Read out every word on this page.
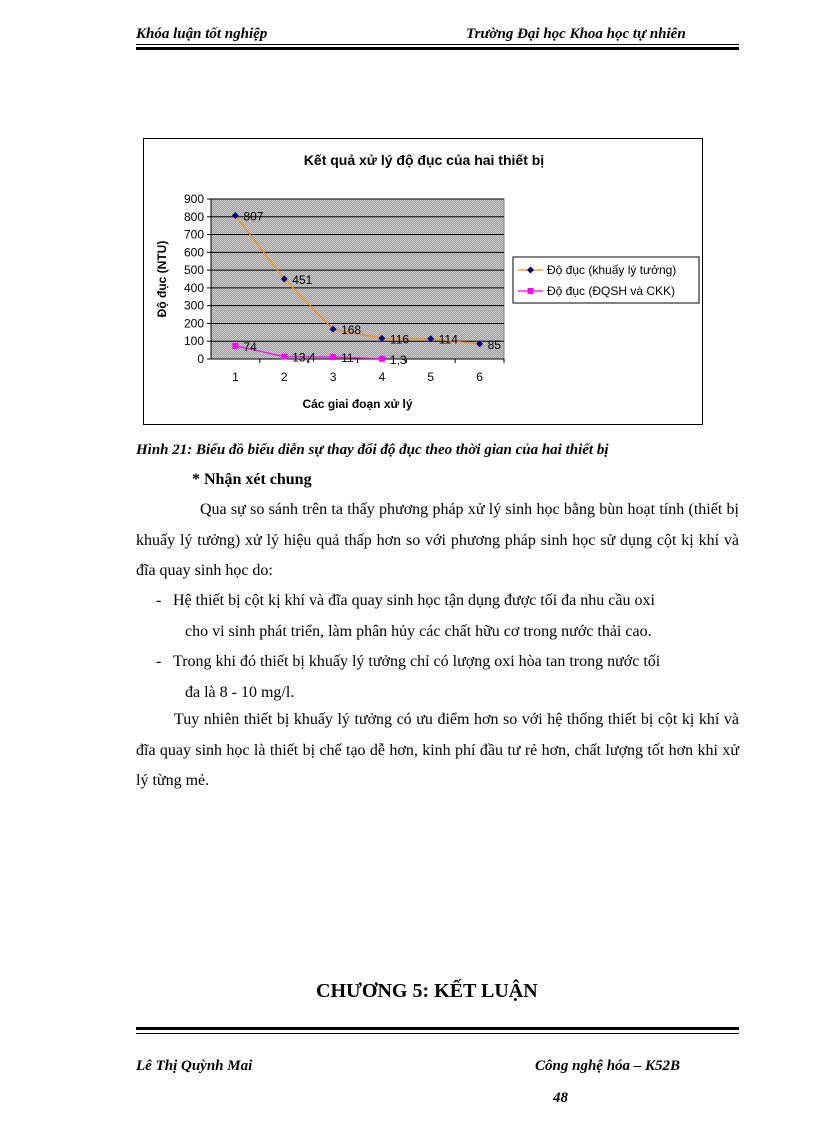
Khóa luận tốt nghiệp	Trường Đại học Khoa học tự nhiên
Kết quả xử lý độ đục của hai thiết bị
0
100
200
300
400
500
600
700
800
900
1	2	3	4	5	6
807
451
168
116 114 85
74
13,4 11	1,3
Độ đục (NTU)
Các giai đoạn xử lý
Độ đục (khuấy lý tưởng)
Độ đục (ĐQSH và CKK)
Hình 21: Biểu đồ biểu diễn sự thay đổi độ đục theo thời gian của hai thiết bị
* Nhận xét chung
Qua sự so sánh trên ta thấy phương pháp xử lý sinh học bằng bùn hoạt tính (thiết bị khuấy lý tưởng) xử lý hiệu quả thấp hơn so với phương pháp sinh học sử dụng cột kị khí và đĩa quay sinh học do:
- Hệ thiết bị cột kị khí và đĩa quay sinh học tận dụng được tối đa nhu cầu oxi
cho vi sinh phát triển, làm phân hủy các chất hữu cơ trong nước thải cao.
- Trong khi đó thiết bị khuấy lý tưởng chỉ có lượng oxi hòa tan trong nước tối
đa là 8 - 10 mg/l.
Tuy nhiên thiết bị khuấy lý tưởng có ưu điểm hơn so với hệ thống thiết bị cột kị khí và đĩa quay sinh học là thiết bị chế tạo dễ hơn, kinh phí đầu tư rẻ hơn, chất lượng tốt hơn khi xử lý từng mẻ.
CHƯƠNG 5: KẾT LUẬN
Lê Thị Quỳnh Mai	Công nghệ hóa – K52B
48
